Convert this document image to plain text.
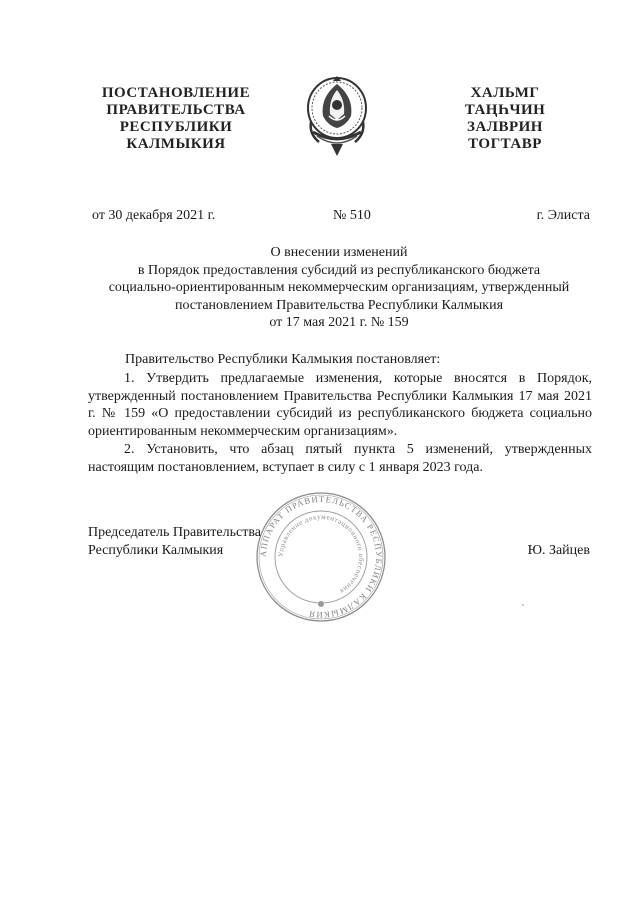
ПОСТАНОВЛЕНИЕ
ПРАВИТЕЛЬСТВА
РЕСПУБЛИКИ
КАЛМЫКИЯ
ХАЛЬМГ
ТАҢҺЧИН
ЗАЛВРИН
ТОГТАВР
от 30 декабря 2021 г.	№ 510	г. Элиста
О внесении изменений
в Порядок предоставления субсидий из республиканского бюджета
социально-ориентированным некоммерческим организациям, утвержденный
постановлением Правительства Республики Калмыкия
от 17 мая 2021 г. № 159

Правительство Республики Калмыкия постановляет:

1. Утвердить предлагаемые изменения, которые вносятся в Порядок, утвержденный постановлением Правительства Республики Калмыкия 17 мая 2021 г. № 159 «О предоставлении субсидий из республиканского бюджета социально ориентированным некоммерческим организациям».

2. Установить, что абзац пятый пункта 5 изменений, утвержденных настоящим постановлением, вступает в силу с 1 января 2023 года.

АППАРАТ ПРАВИТЕЛЬСТВА РЕСПУБЛИКИ КАЛМЫКИЯ
Управление документационного обеспечения
Председатель Правительства
Республики Калмыкия	Ю. Зайцев
